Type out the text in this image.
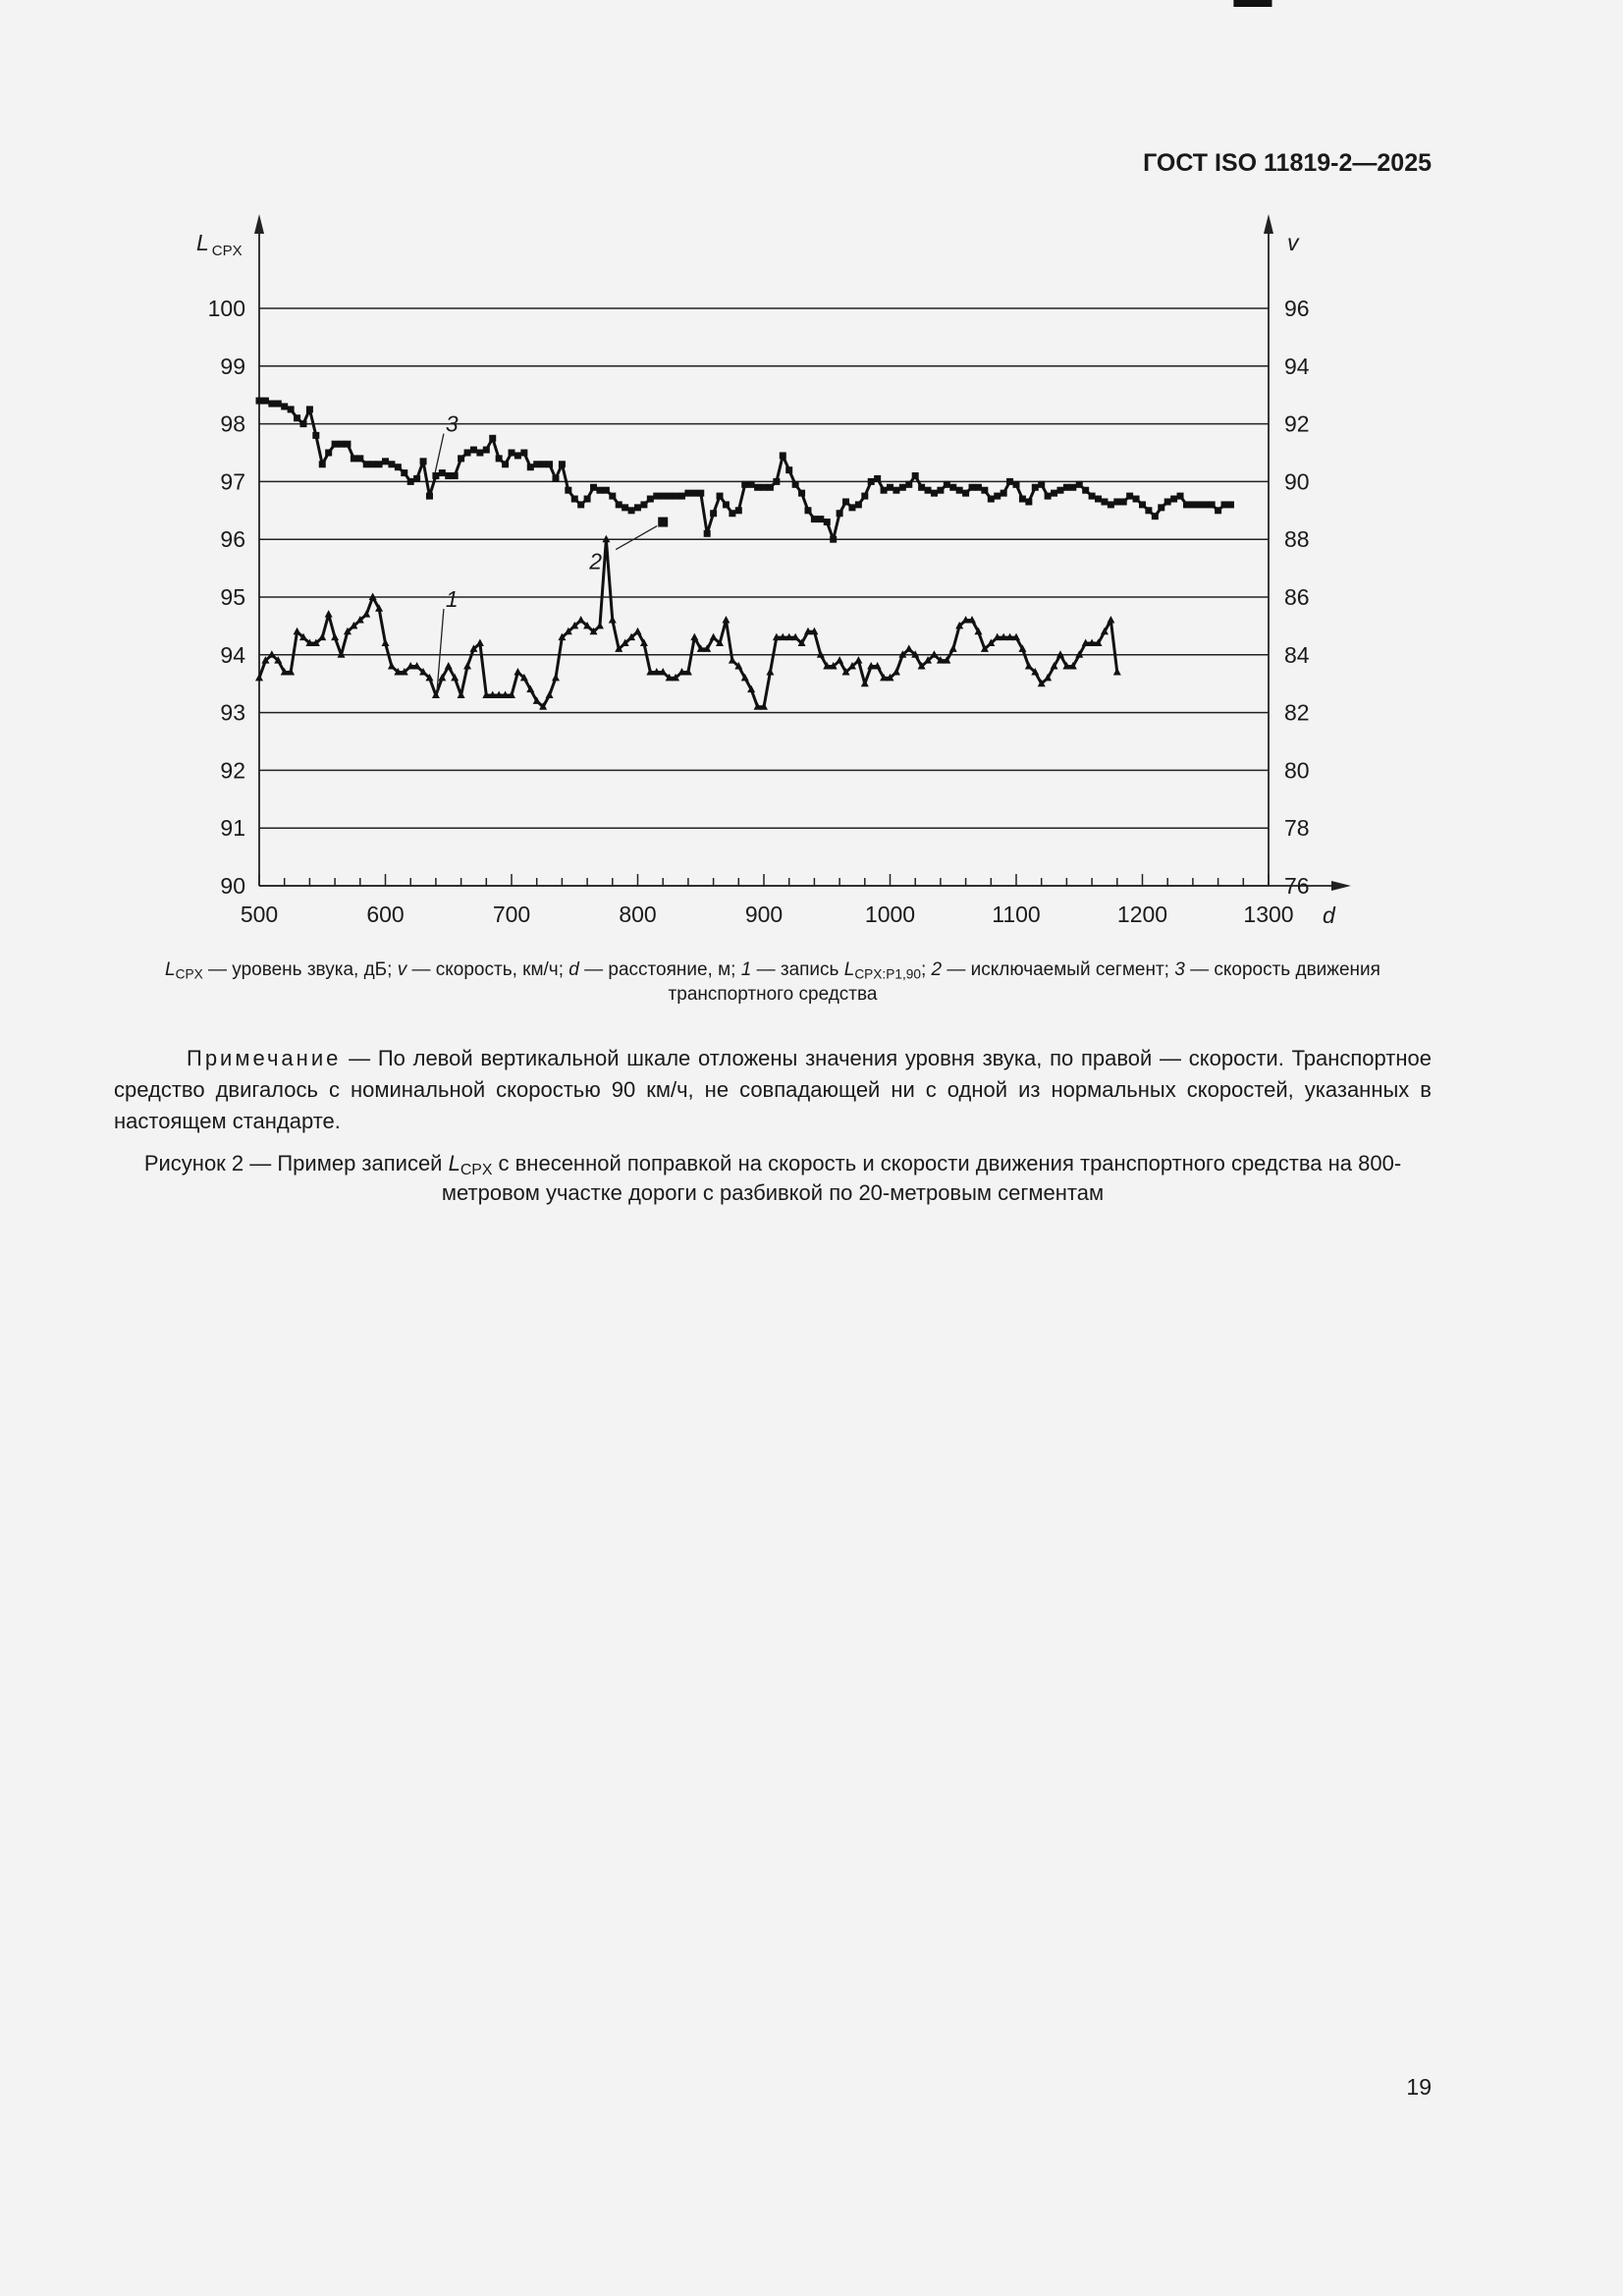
ГОСТ ISO 11819-2—2025
90
91
92
93
94
95
96
97
98
99
100
76
78
80
82
84
86
88
90
92
94
96
500	600	700	800	900	1000	1100	1200	1300
1
3
2
L $_{CPX}$	v
d
$L_{CPX}$ — уровень звука, дБ; v — скорость, км/ч; d — расстояние, м; 1 — запись $L_{CPX:P1,90}$; 2 — исключаемый сегмент; 3 — скорость движения транспортного средства
Примечание — По левой вертикальной шкале отложены значения уровня звука, по правой — скорости. Транспортное средство двигалось с номинальной скоростью 90 км/ч, не совпадающей ни с одной из нормальных скоростей, указанных в настоящем стандарте.
Рисунок 2 — Пример записей $L_{CPX}$ с внесенной поправкой на скорость и скорости движения транспортного средства на 800-метровом участке дороги с разбивкой по 20-метровым сегментам
19
